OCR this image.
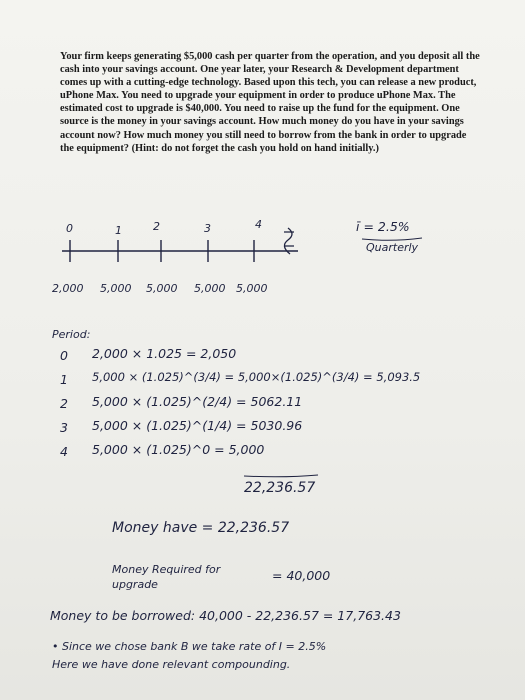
Your firm keeps generating $5,000 cash per quarter from the operation, and you deposit all the cash into your savings account. One year later, your Research & Development department comes up with a cutting-edge technology. Based upon this tech, you can release a new product, uPhone Max. You need to upgrade your equipment in order to produce uPhone Max. The estimated cost to upgrade is $40,000. You need to raise up the fund for the equipment. One source is the money in your savings account. How much money do you have in your savings account now? How much money you still need to borrow from the bank in order to upgrade the equipment? (Hint: do not forget the cash you hold on hand initially.)
0	1	2	3	4	ī = 2.5%
Quarterly
2,000 5,000 5,000 5,000 5,000
Period:
0 2,000 × 1.025 = 2,050
1 5,000 × (1.025)^(3/4) = 5,000×(1.025)^(3/4) = 5,093.5
2 5,000 × (1.025)^(2/4) = 5062.11
3 5,000 × (1.025)^(1/4) = 5030.96
4 5,000 × (1.025)^0 = 5,000
22,236.57
Money have = 22,236.57
Money Required for upgrade
= 40,000
Money to be borrowed: 40,000 - 22,236.57 = 17,763.43
• Since we chose bank B we take rate of I = 2.5%
Here we have done relevant compounding.
